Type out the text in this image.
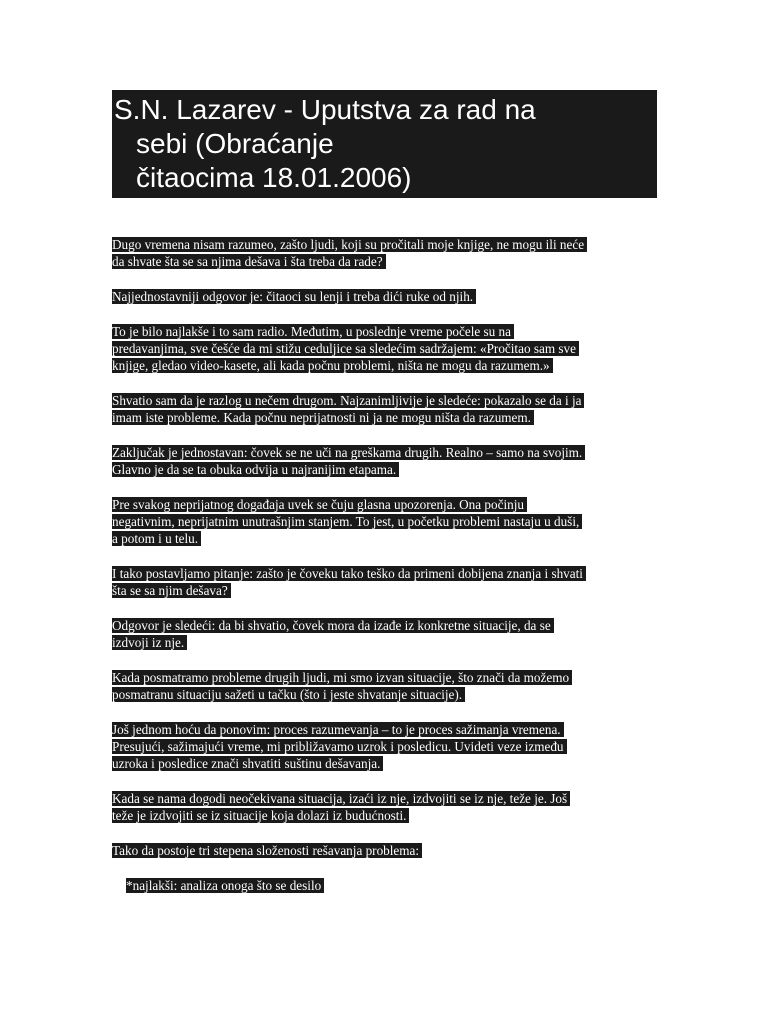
S.N. Lazarev - Uputstva za rad na
sebi (Obraćanje
čitaocima 18.01.2006)
Dugo vremena nisam razumeo, zašto ljudi, koji su pročitali moje knjige, ne mogu ili neće
da shvate šta se sa njima dešava i šta treba da rade?
Najjednostavniji odgovor je: čitaoci su lenji i treba dići ruke od njih.
To je bilo najlakše i to sam radio. Međutim, u poslednje vreme počele su na
predavanjima, sve češće da mi stižu ceduljice sa sledećim sadržajem: «Pročitao sam sve
knjige, gledao video-kasete, ali kada počnu problemi, ništa ne mogu da razumem.»
Shvatio sam da je razlog u nečem drugom. Najzanimljivije je sledeće: pokazalo se da i ja
imam iste probleme. Kada počnu neprijatnosti ni ja ne mogu ništa da razumem.
Zaključak je jednostavan: čovek se ne uči na greškama drugih. Realno – samo na svojim.
Glavno je da se ta obuka odvija u najranijim etapama.
Pre svakog neprijatnog događaja uvek se čuju glasna upozorenja. Ona počinju
negativnim, neprijatnim unutrašnjim stanjem. To jest, u početku problemi nastaju u duši,
a potom i u telu.
I tako postavljamo pitanje: zašto je čoveku tako teško da primeni dobijena znanja i shvati
šta se sa njim dešava?
Odgovor je sledeći: da bi shvatio, čovek mora da izađe iz konkretne situacije, da se
izdvoji iz nje.
Kada posmatramo probleme drugih ljudi, mi smo izvan situacije, što znači da možemo
posmatranu situaciju sažeti u tačku (što i jeste shvatanje situacije).
Još jednom hoću da ponovim: proces razumevanja – to je proces sažimanja vremena.
Presujući, sažimajući vreme, mi približavamo uzrok i posledicu. Uvideti veze između
uzroka i posledice znači shvatiti suštinu dešavanja.
Kada se nama dogodi neočekivana situacija, izaći iz nje, izdvojiti se iz nje, teže je. Još
teže je izdvojiti se iz situacije koja dolazi iz budućnosti.
Tako da postoje tri stepena složenosti rešavanja problema:
*najlakši: analiza onoga što se desilo
